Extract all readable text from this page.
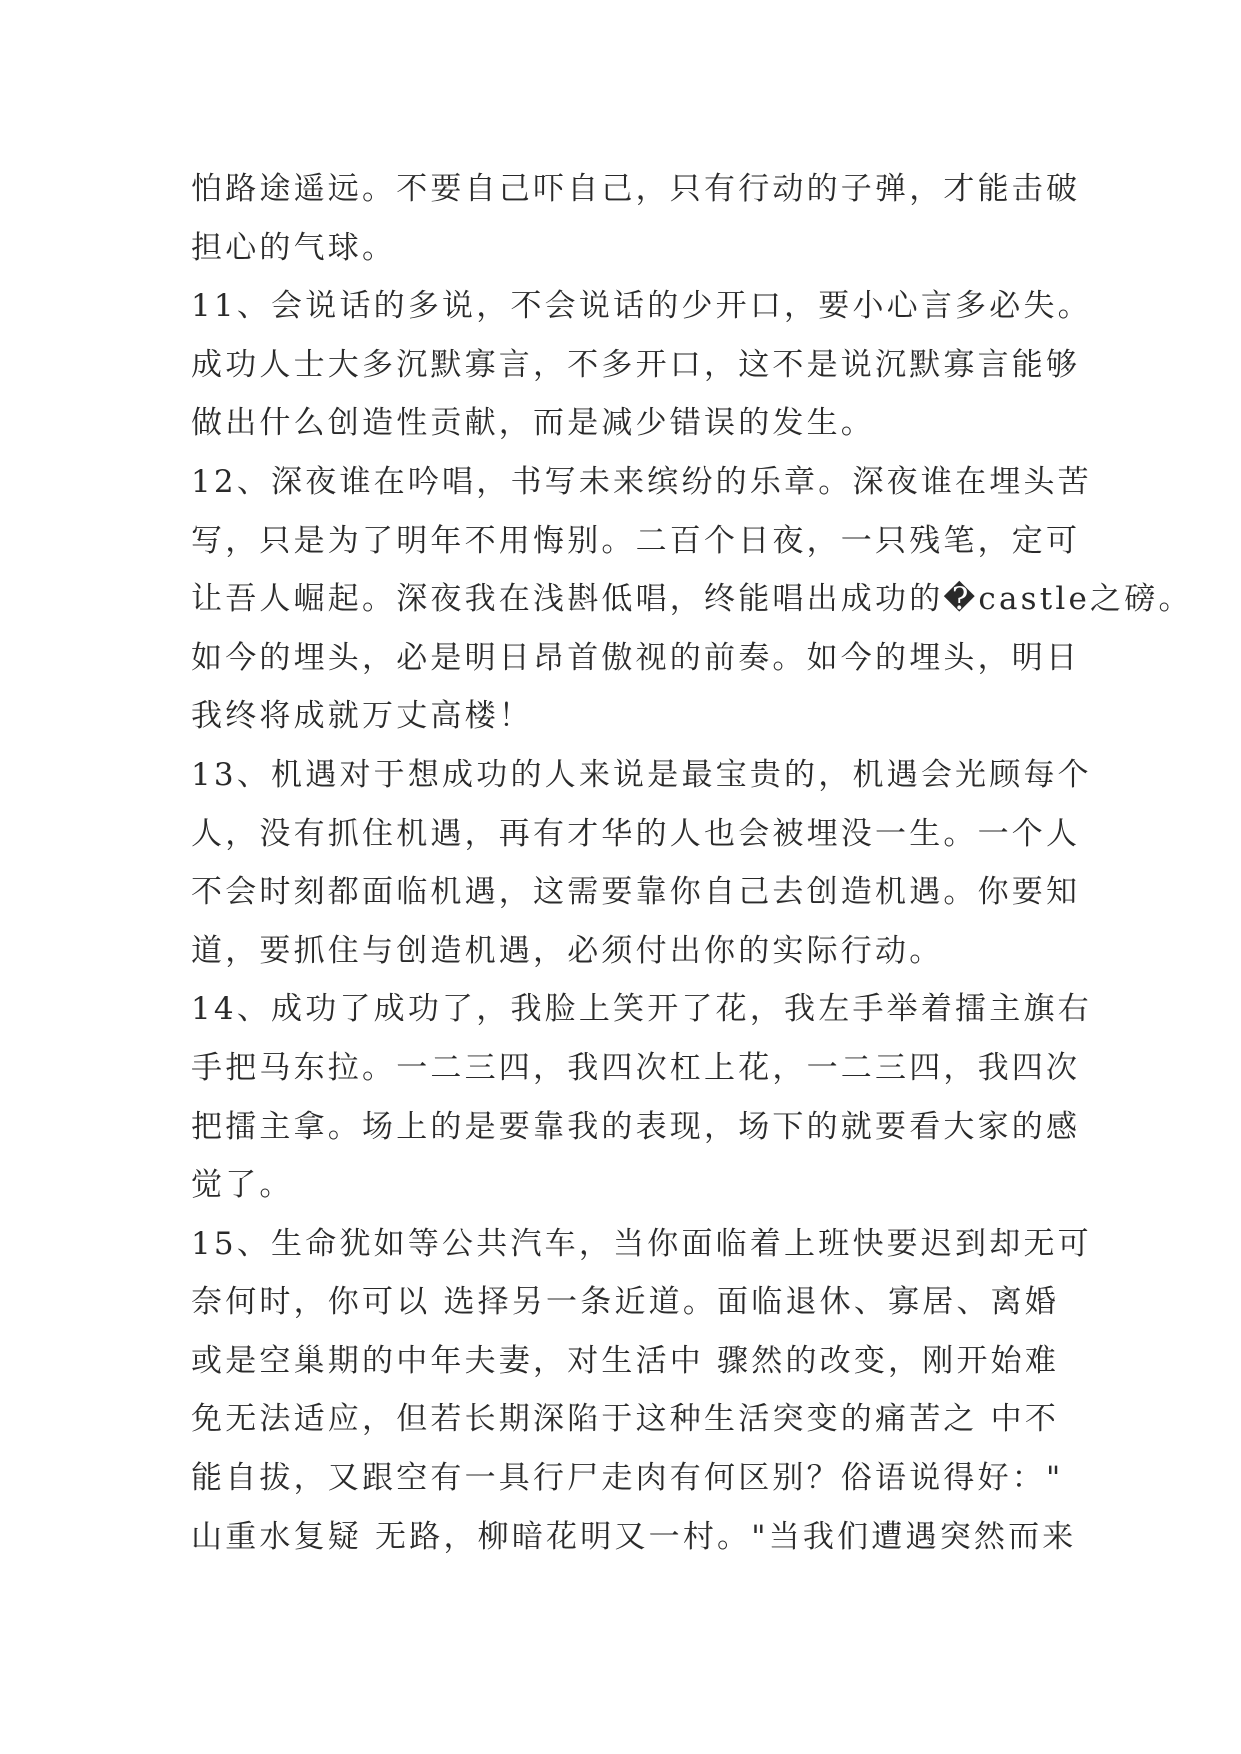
怕路途遥远。不要自己吓自己，只有行动的子弹，才能击破
担心的气球。
11、会说话的多说，不会说话的少开口，要小心言多必失。
成功人士大多沉默寡言，不多开口，这不是说沉默寡言能够
做出什么创造性贡献，而是减少错误的发生。
12、深夜谁在吟唱，书写未来缤纷的乐章。深夜谁在埋头苦
写，只是为了明年不用悔别。二百个日夜，一只残笔，定可
让吾人崛起。深夜我在浅斟低唱，终能唱出成功的�castle之磅。
如今的埋头，必是明日昂首傲视的前奏。如今的埋头，明日
我终将成就万丈高楼！
13、机遇对于想成功的人来说是最宝贵的，机遇会光顾每个
人，没有抓住机遇，再有才华的人也会被埋没一生。一个人
不会时刻都面临机遇，这需要靠你自己去创造机遇。你要知
道，要抓住与创造机遇，必须付出你的实际行动。
14、成功了成功了，我脸上笑开了花，我左手举着擂主旗右
手把马东拉。一二三四，我四次杠上花，一二三四，我四次
把擂主拿。场上的是要靠我的表现，场下的就要看大家的感
觉了。
15、生命犹如等公共汽车，当你面临着上班快要迟到却无可
奈何时，你可以 选择另一条近道。面临退休、寡居、离婚
或是空巢期的中年夫妻，对生活中 骤然的改变，刚开始难
免无法适应，但若长期深陷于这种生活突变的痛苦之 中不
能自拔，又跟空有一具行尸走肉有何区别？俗语说得好："
山重水复疑 无路，柳暗花明又一村。"当我们遭遇突然而来
